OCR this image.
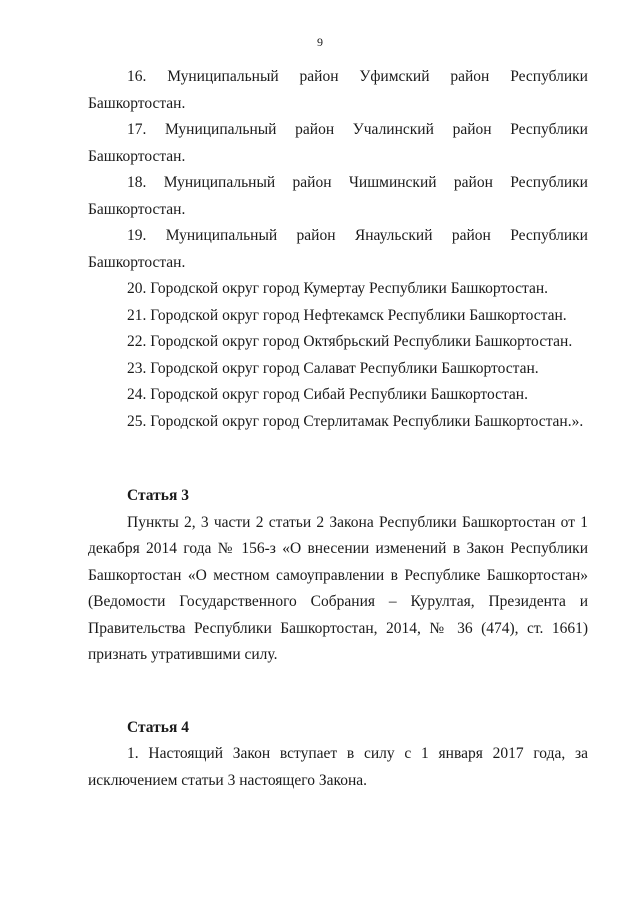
9
16. Муниципальный район Уфимский район Республики
Башкортостан.
17. Муниципальный район Учалинский район Республики
Башкортостан.
18. Муниципальный район Чишминский район Республики
Башкортостан.
19. Муниципальный район Янаульский район Республики
Башкортостан.
20. Городской округ город Кумертау Республики Башкортостан.
21. Городской округ город Нефтекамск Республики Башкортостан.
22. Городской округ город Октябрьский Республики Башкортостан.
23. Городской округ город Салават Республики Башкортостан.
24. Городской округ город Сибай Республики Башкортостан.
25. Городской округ город Стерлитамак Республики Башкортостан.».
Статья 3

Пункты 2, 3 части 2 статьи 2 Закона Республики Башкортостан от 1 декабря 2014 года № 156-з «О внесении изменений в Закон Республики Башкортостан «О местном самоуправлении в Республике Башкортостан» (Ведомости Государственного Собрания – Курултая, Президента и Правительства Республики Башкортостан, 2014, № 36 (474), ст. 1661) признать утратившими силу.

Статья 4

1. Настоящий Закон вступает в силу с 1 января 2017 года, за исключением статьи 3 настоящего Закона.
